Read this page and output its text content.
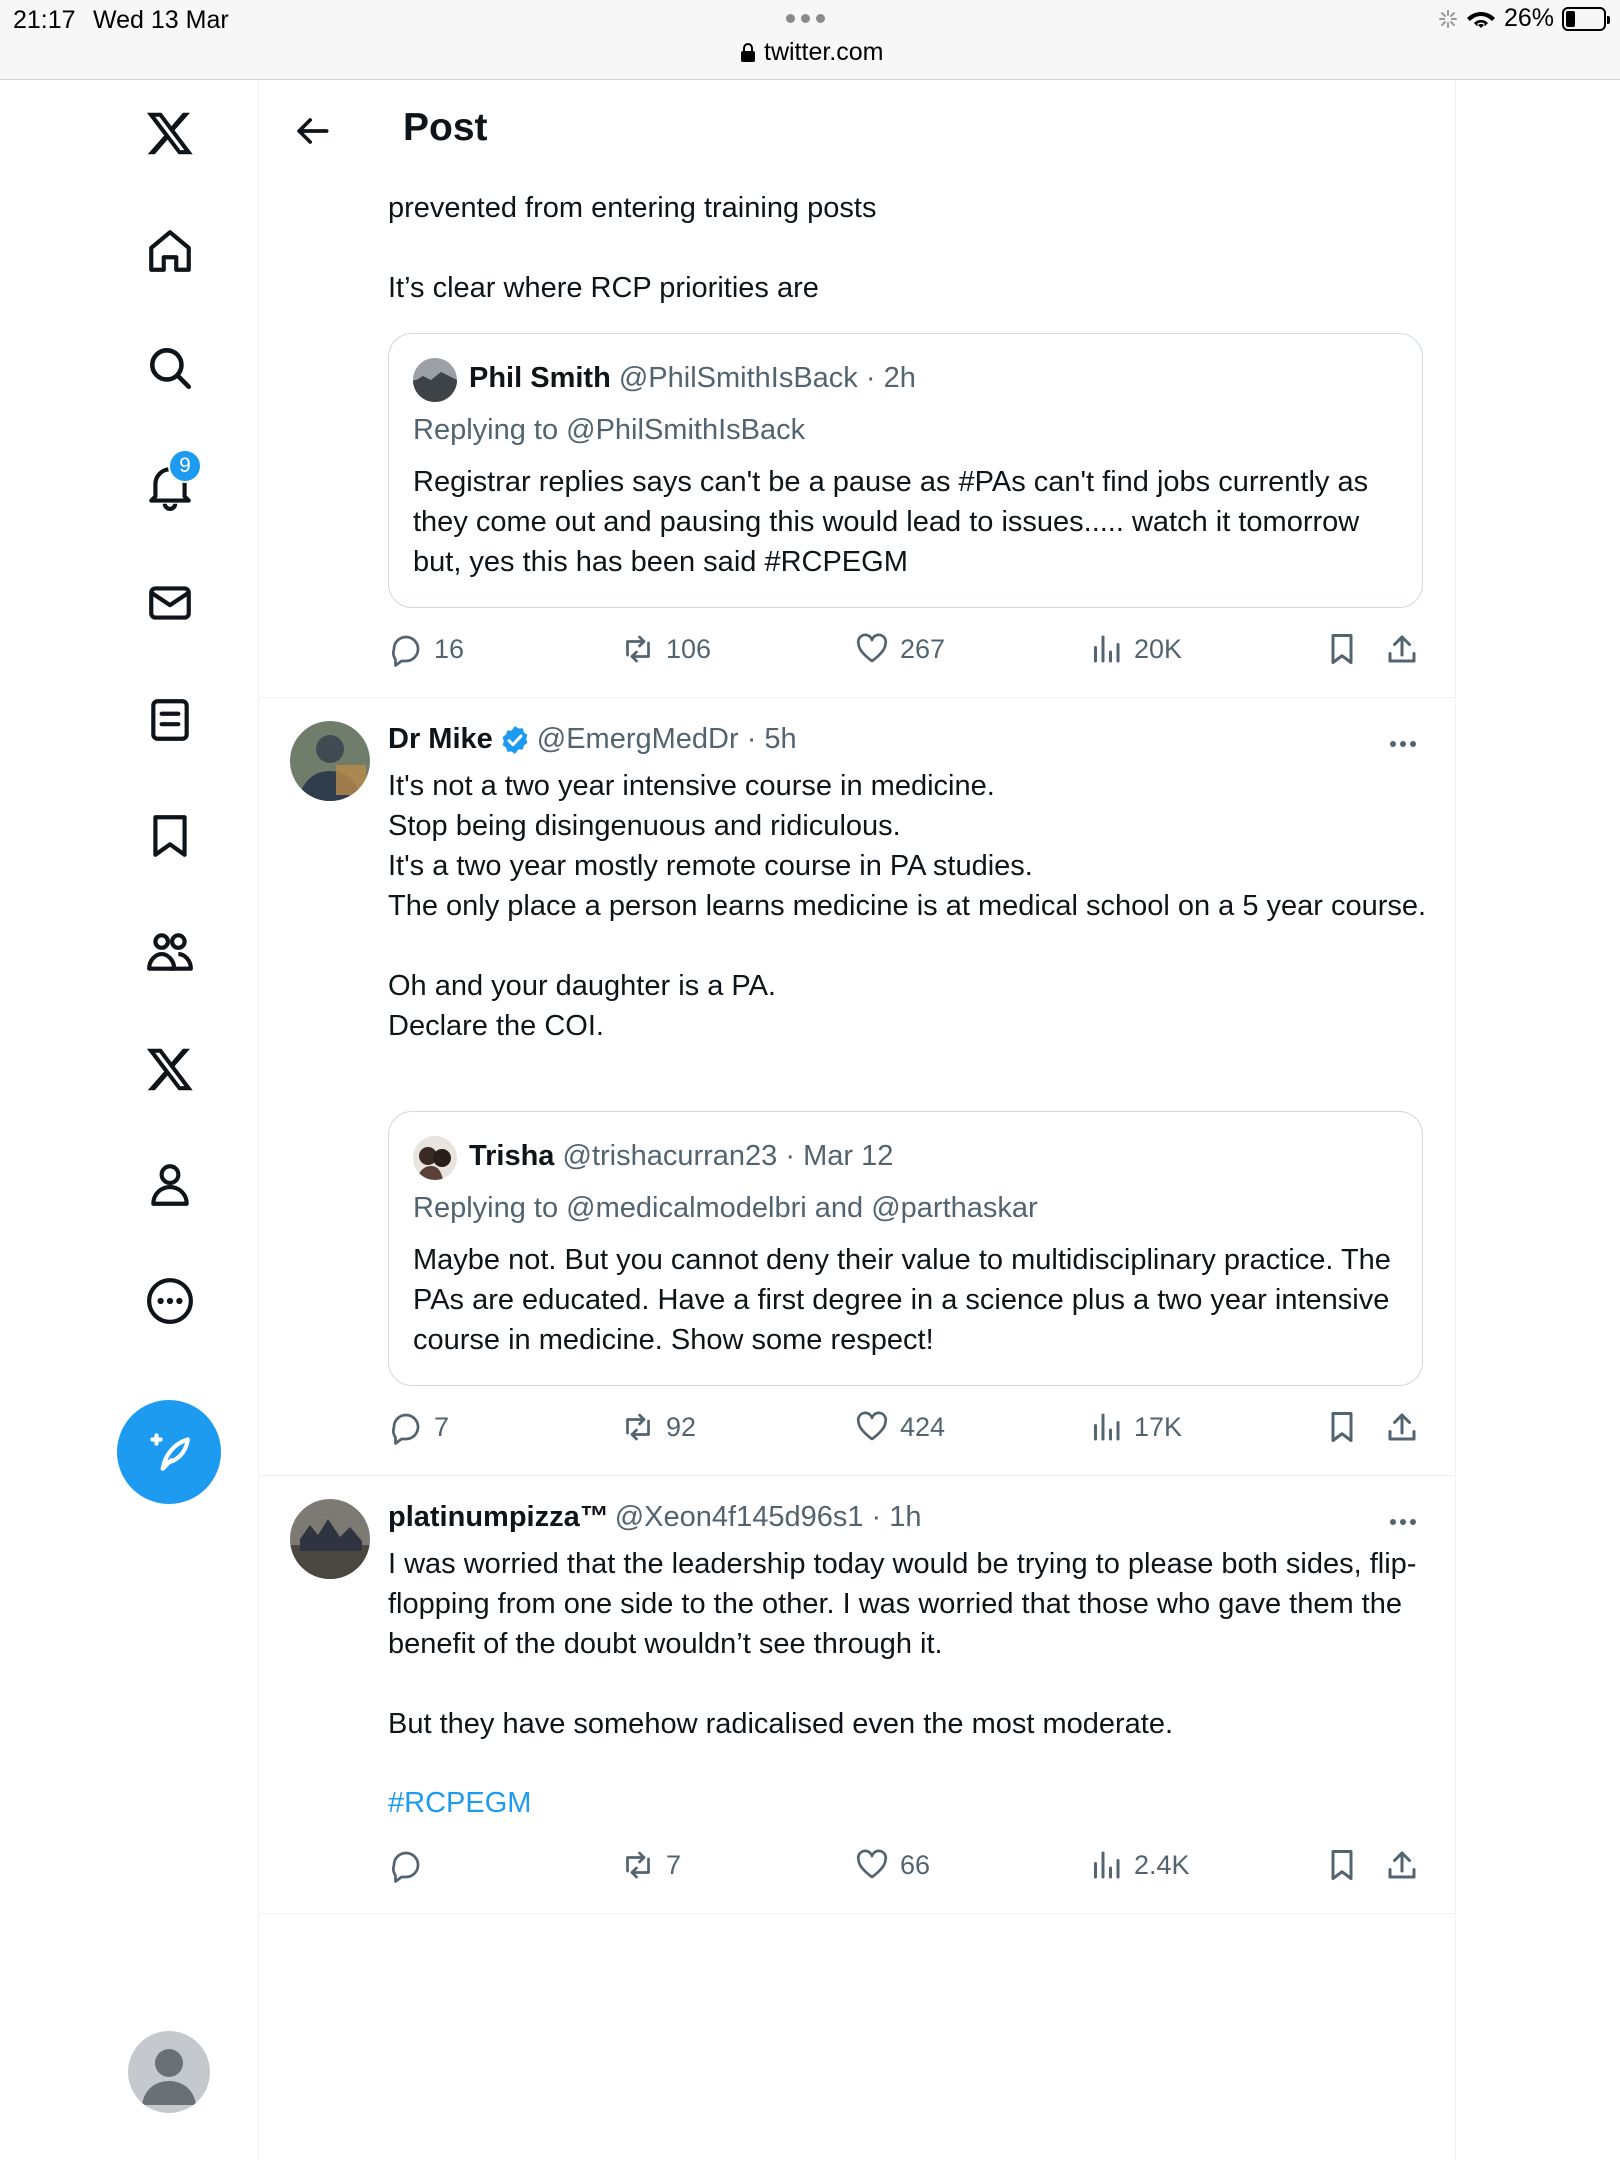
21:17 Wed 13 Mar
twitter.com
26%
9
prevented from entering training posts

It’s clear where RCP priorities are
Phil Smith @PhilSmithIsBack · 2h
Replying to @PhilSmithIsBack
Registrar replies says can't be a pause as #PAs can't find jobs currently as they come out and pausing this would lead to issues..... watch it tomorrow but, yes this has been said #RCPEGM
16	106	267	20K
Dr Mike @EmergMedDr · 5h
It's not a two year intensive course in medicine.
Stop being disingenuous and ridiculous.
It's a two year mostly remote course in PA studies.
The only place a person learns medicine is at medical school on a 5 year course.

Oh and your daughter is a PA.
Declare the COI.
Trisha @trishacurran23 · Mar 12
Replying to @medicalmodelbri and @parthaskar
Maybe not. But you cannot deny their value to multidisciplinary practice. The PAs are educated. Have a first degree in a science plus a two year intensive course in medicine. Show some respect!
7	92	424	17K
platinumpizza™ @Xeon4f145d96s1 · 1h
I was worried that the leadership today would be trying to please both sides, flip-flopping from one side to the other. I was worried that those who gave them the benefit of the doubt wouldn’t see through it.

But they have somehow radicalised even the most moderate.
#RCPEGM
7	66	2.4K
Post
